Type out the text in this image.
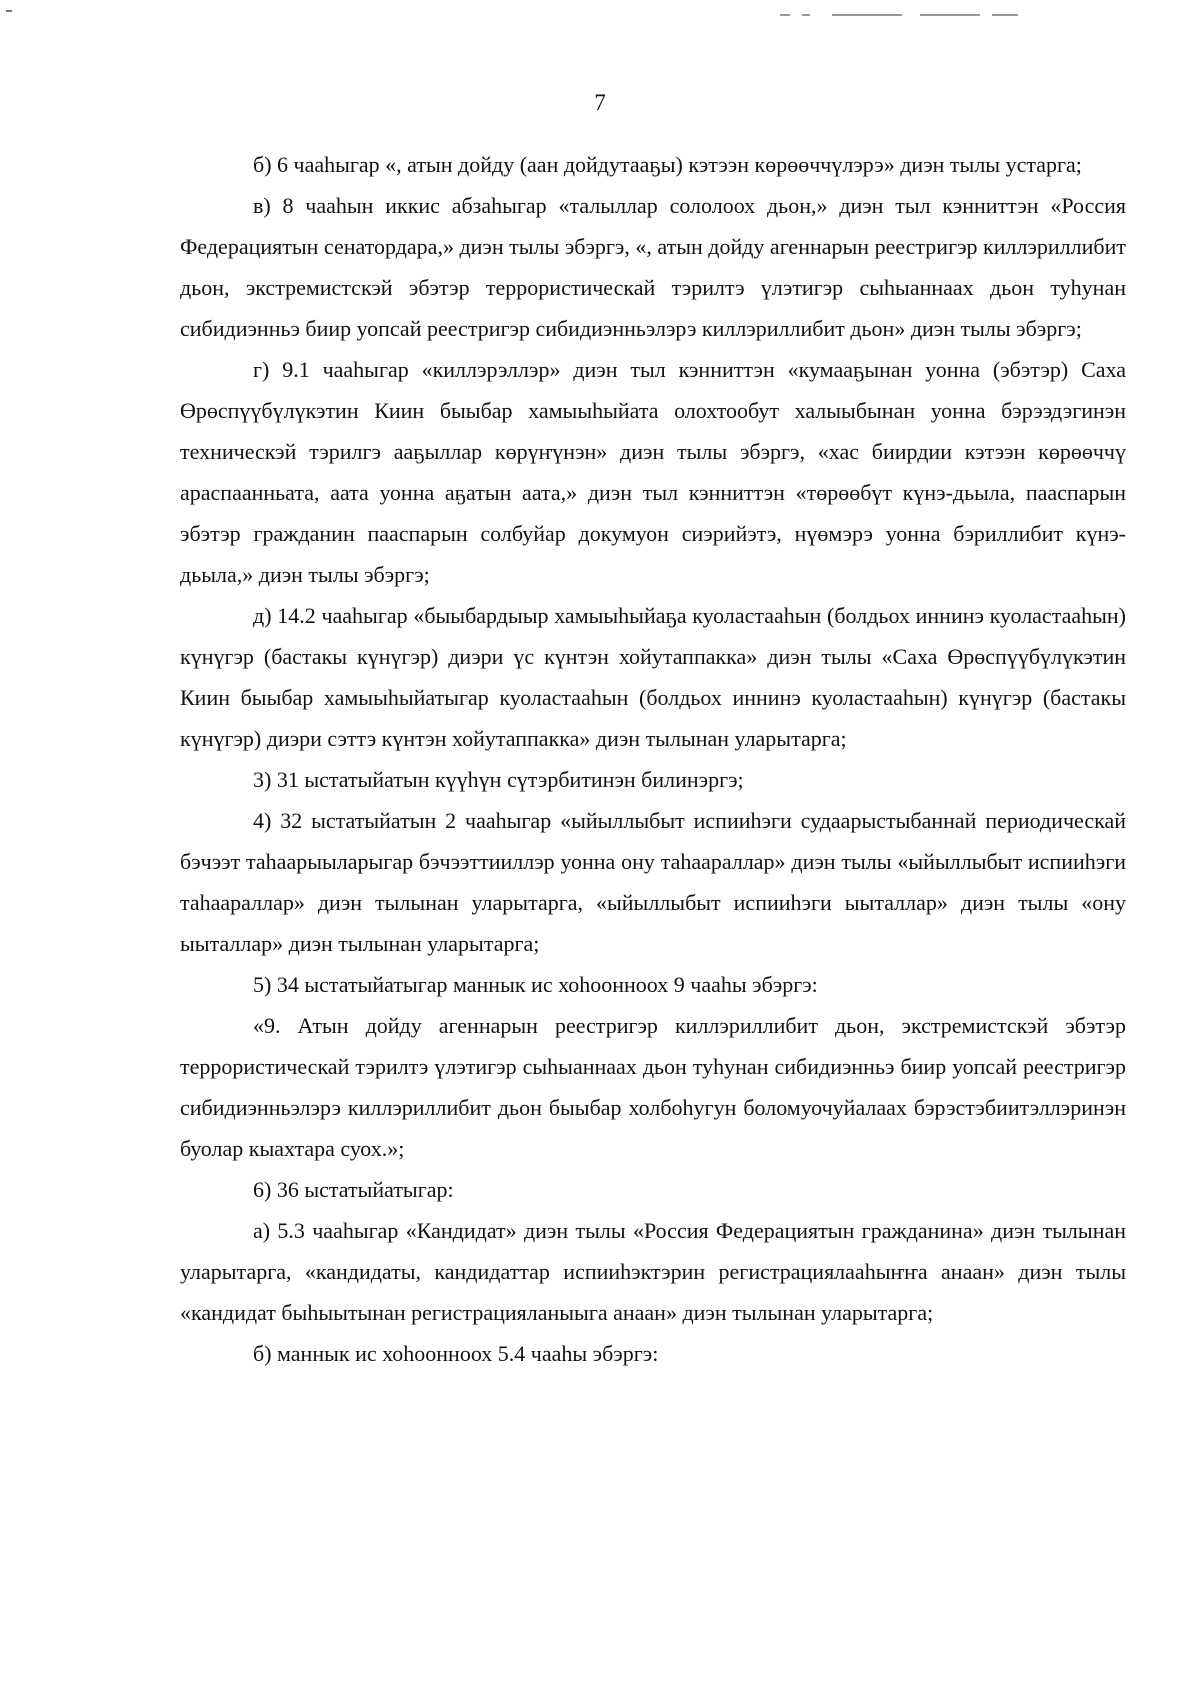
7

б) 6 чааһыгар «, атын дойду (аан дойдутааҕы) кэтээн көрөөччүлэрэ» диэн тылы устарга;

в) 8 чааһын иккис абзаһыгар «талыллар сололоох дьон,» диэн тыл кэнниттэн «Россия Федерациятын сенатордара,» диэн тылы эбэргэ, «, атын дойду агеннарын реестригэр киллэриллибит дьон, экстремистскэй эбэтэр террористическай тэрилтэ үлэтигэр сыһыаннаах дьон туһунан сибидиэнньэ биир уопсай реестригэр сибидиэнньэлэрэ киллэриллибит дьон» диэн тылы эбэргэ;

г) 9.1 чааһыгар «киллэрэллэр» диэн тыл кэнниттэн «кумааҕынан уонна (эбэтэр) Саха Өрөспүүбүлүкэтин Киин быыбар хамыыһыйата олохтообут халыыбынан уонна бэрээдэгинэн техническэй тэрилгэ ааҕыллар көрүҥүнэн» диэн тылы эбэргэ, «хас биирдии кэтээн көрөөччү араспаанньата, аата уонна аҕатын аата,» диэн тыл кэнниттэн «төрөөбүт күнэ-дьыла, пааспарын эбэтэр гражданин пааспарын солбуйар докумуон сиэрийэтэ, нүөмэрэ уонна бэриллибит күнэ-дьыла,» диэн тылы эбэргэ;

д) 14.2 чааһыгар «быыбардыыр хамыыһыйаҕа куоластааһын (болдьох иннинэ куоластааһын) күнүгэр (бастакы күнүгэр) диэри үс күнтэн хойутаппакка» диэн тылы «Саха Өрөспүүбүлүкэтин Киин быыбар хамыыһыйатыгар куоластааһын (болдьох иннинэ куоластааһын) күнүгэр (бастакы күнүгэр) диэри сэттэ күнтэн хойутаппакка» диэн тылынан уларытарга;

3) 31 ыстатыйатын күүһүн сүтэрбитинэн билинэргэ;

4) 32 ыстатыйатын 2 чааһыгар «ыйыллыбыт испииһэги судаарыстыбаннай периодическай бэчээт таһаарыыларыгар бэчээттииллэр уонна ону таһаараллар» диэн тылы «ыйыллыбыт испииһэги таһаараллар» диэн тылынан уларытарга, «ыйыллыбыт испииһэги ыыталлар» диэн тылы «ону ыыталлар» диэн тылынан уларытарга;

5) 34 ыстатыйатыгар маннык ис хоһоонноох 9 чааһы эбэргэ:

«9. Атын дойду агеннарын реестригэр киллэриллибит дьон, экстремистскэй эбэтэр террористическай тэрилтэ үлэтигэр сыһыаннаах дьон туһунан сибидиэнньэ биир уопсай реестригэр сибидиэнньэлэрэ киллэриллибит дьон быыбар холбоһугун боломуочуйалаах бэрэстэбиитэллэринэн буолар кыахтара суох.»;

6) 36 ыстатыйатыгар:

а) 5.3 чааһыгар «Кандидат» диэн тылы «Россия Федерациятын гражданина» диэн тылынан уларытарга, «кандидаты, кандидаттар испииһэктэрин регистрациялааһыҥҥа анаан» диэн тылы «кандидат быһыытынан регистрацияланыыга анаан» диэн тылынан уларытарга;

б) маннык ис хоһоонноох 5.4 чааһы эбэргэ:
